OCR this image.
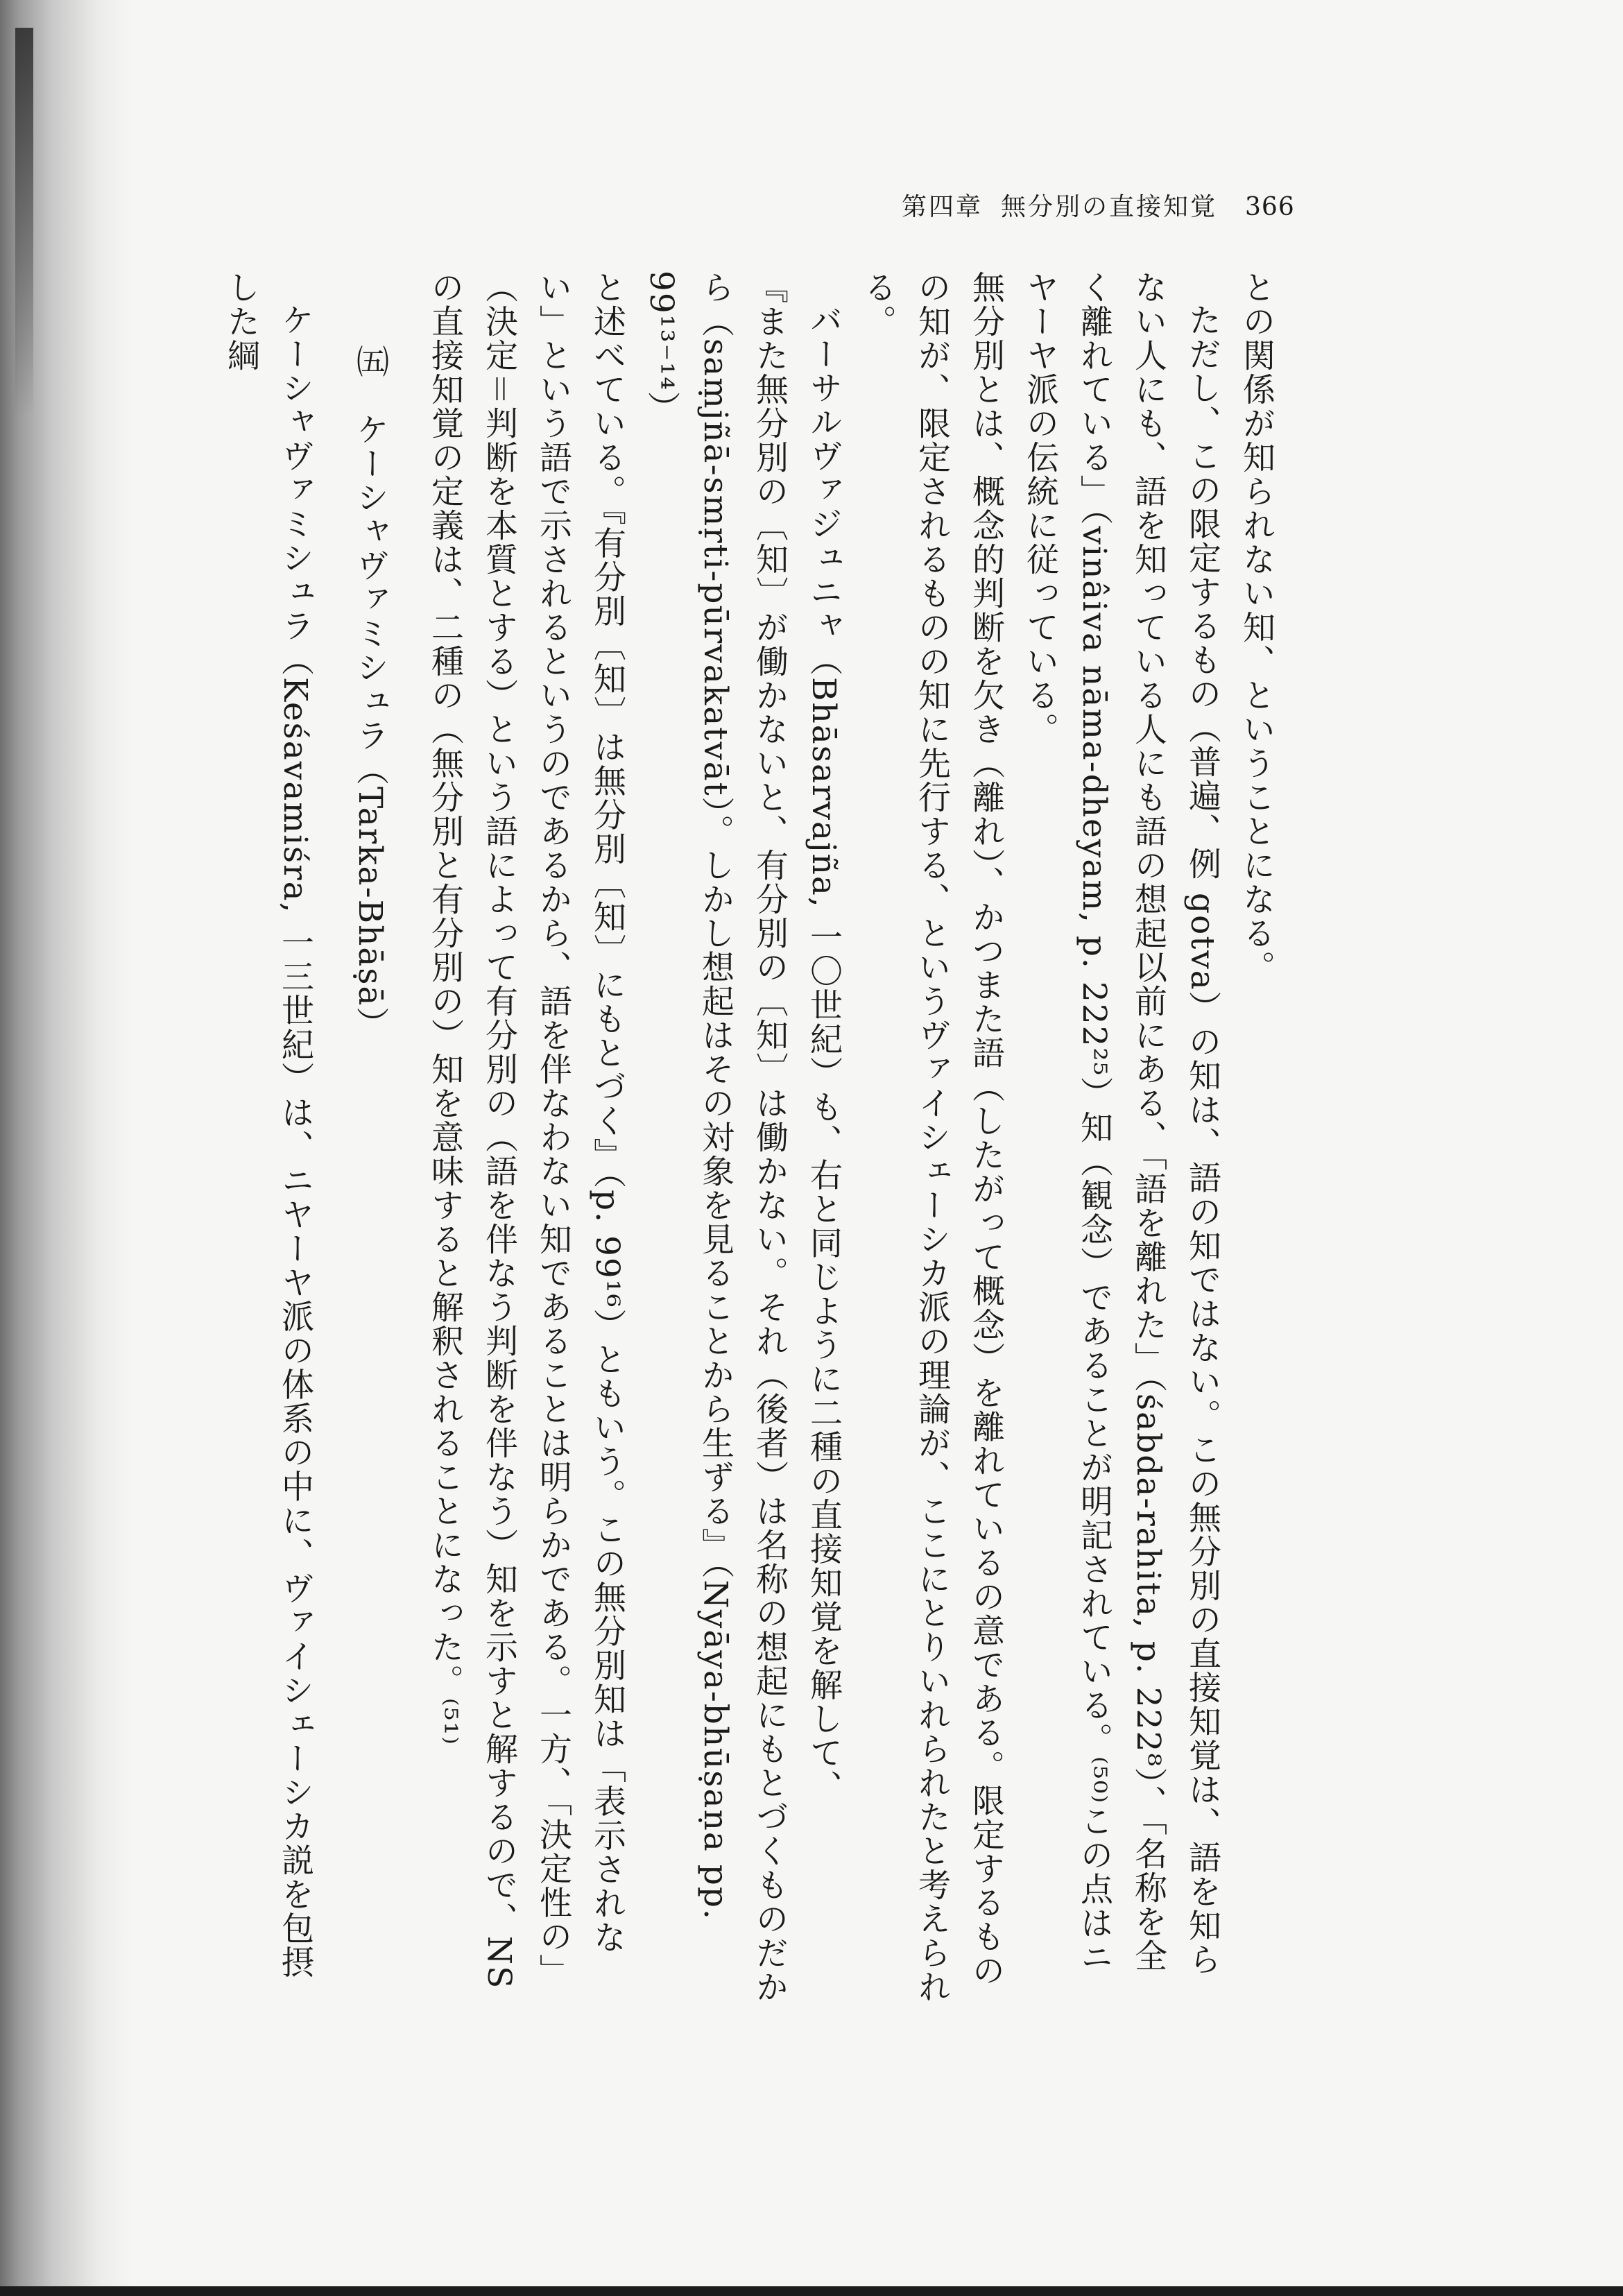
第四章 無分別の直接知覚 366

との関係が知られない知、ということになる。

ただし、この限定するもの（普遍、例 gotva）の知は、語の知ではない。この無分別の直接知覚は、語を知らない人にも、語を知っている人にも語の想起以前にある、「語を離れた」（śabda-rahita, p. 222⁸）、「名称を全く離れている」（vinâiva nāma-dheyam, p. 222²⁵）知（観念）であることが明記されている。⁽⁵⁰⁾この点はニヤーヤ派の伝統に従っている。

無分別とは、概念的判断を欠き（離れ）、かつまた語（したがって概念）を離れているの意である。限定するものの知が、限定されるものの知に先行する、というヴァイシェーシカ派の理論が、ここにとりいれられたと考えられる。

バーサルヴァジュニャ（Bhāsarvajña, 一〇世紀）も、右と同じように二種の直接知覚を解して、

『また無分別の〔知〕が働かないと、有分別の〔知〕は働かない。それ（後者）は名称の想起にもとづくものだから（saṃjñā-smṛti-pūrvakatvāt）。しかし想起はその対象を見ることから生ずる』（Nyāya-bhūṣaṇa pp. 99¹³⁻¹⁴）

と述べている。『有分別〔知〕は無分別〔知〕にもとづく』（p. 99¹⁶）ともいう。この無分別知は「表示されない」という語で示されるというのであるから、語を伴なわない知であることは明らかである。一方、「決定性の」（決定＝判断を本質とする）という語によって有分別の（語を伴なう判断を伴なう）知を示すと解するので、NS の直接知覚の定義は、二種の（無分別と有分別の）知を意味すると解釈されることになった。⁽⁵¹⁾

㈤　ケーシャヴァミシュラ（Tarka-Bhāṣā）

ケーシャヴァミシュラ（Keśavamiśra, 一三世紀）は、ニヤーヤ派の体系の中に、ヴァイシェーシカ説を包摂した綱
